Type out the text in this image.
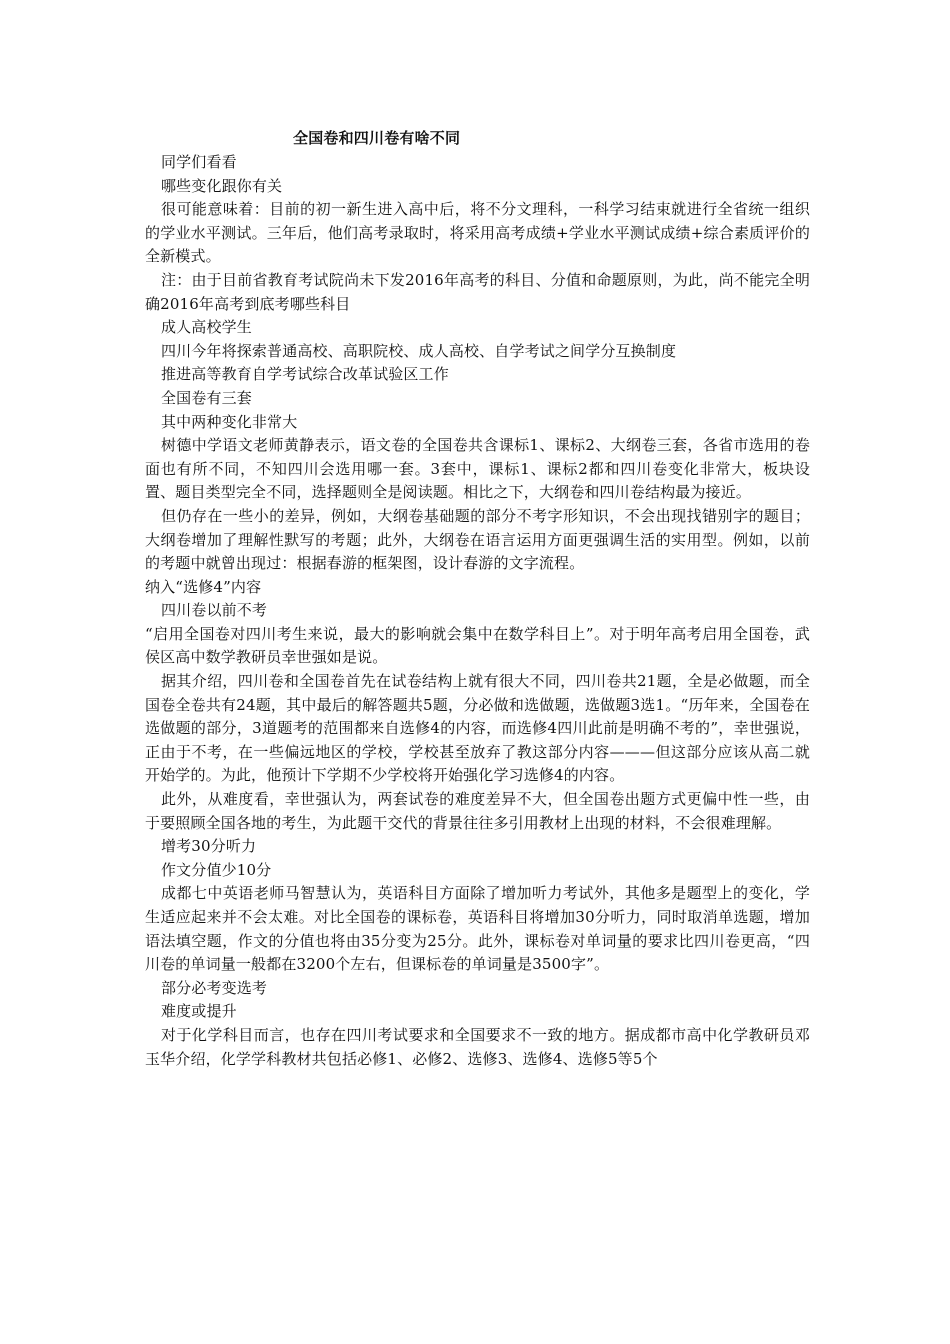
全国卷和四川卷有啥不同

同学们看看

哪些变化跟你有关

很可能意味着：目前的初一新生进入高中后，将不分文理科，一科学习结束就进行全省统一组织的学业水平测试。三年后，他们高考录取时，将采用高考成绩+学业水平测试成绩+综合素质评价的全新模式。

注：由于目前省教育考试院尚未下发2016年高考的科目、分值和命题原则，为此，尚不能完全明确2016年高考到底考哪些科目

成人高校学生

四川今年将探索普通高校、高职院校、成人高校、自学考试之间学分互换制度

推进高等教育自学考试综合改革试验区工作

全国卷有三套

其中两种变化非常大

树德中学语文老师黄静表示，语文卷的全国卷共含课标1、课标2、大纲卷三套，各省市选用的卷面也有所不同，不知四川会选用哪一套。3套中，课标1、课标2都和四川卷变化非常大，板块设置、题目类型完全不同，选择题则全是阅读题。相比之下，大纲卷和四川卷结构最为接近。

但仍存在一些小的差异，例如，大纲卷基础题的部分不考字形知识，不会出现找错别字的题目；大纲卷增加了理解性默写的考题；此外，大纲卷在语言运用方面更强调生活的实用型。例如，以前的考题中就曾出现过：根据春游的框架图，设计春游的文字流程。

纳入“选修4”内容

四川卷以前不考

“启用全国卷对四川考生来说，最大的影响就会集中在数学科目上”。对于明年高考启用全国卷，武侯区高中数学教研员幸世强如是说。

据其介绍，四川卷和全国卷首先在试卷结构上就有很大不同，四川卷共21题，全是必做题，而全国卷全卷共有24题，其中最后的解答题共5题，分必做和选做题，选做题3选1。“历年来，全国卷在选做题的部分，3道题考的范围都来自选修4的内容，而选修4四川此前是明确不考的”，幸世强说，正由于不考，在一些偏远地区的学校，学校甚至放弃了教这部分内容———但这部分应该从高二就开始学的。为此，他预计下学期不少学校将开始强化学习选修4的内容。

此外，从难度看，幸世强认为，两套试卷的难度差异不大，但全国卷出题方式更偏中性一些，由于要照顾全国各地的考生，为此题干交代的背景往往多引用教材上出现的材料，不会很难理解。

增考30分听力

作文分值少10分

成都七中英语老师马智慧认为，英语科目方面除了增加听力考试外，其他多是题型上的变化，学生适应起来并不会太难。对比全国卷的课标卷，英语科目将增加30分听力，同时取消单选题，增加语法填空题，作文的分值也将由35分变为25分。此外，课标卷对单词量的要求比四川卷更高，“四川卷的单词量一般都在3200个左右，但课标卷的单词量是3500字”。

部分必考变选考

难度或提升

对于化学科目而言，也存在四川考试要求和全国要求不一致的地方。据成都市高中化学教研员邓玉华介绍，化学学科教材共包括必修1、必修2、选修3、选修4、选修5等5个
